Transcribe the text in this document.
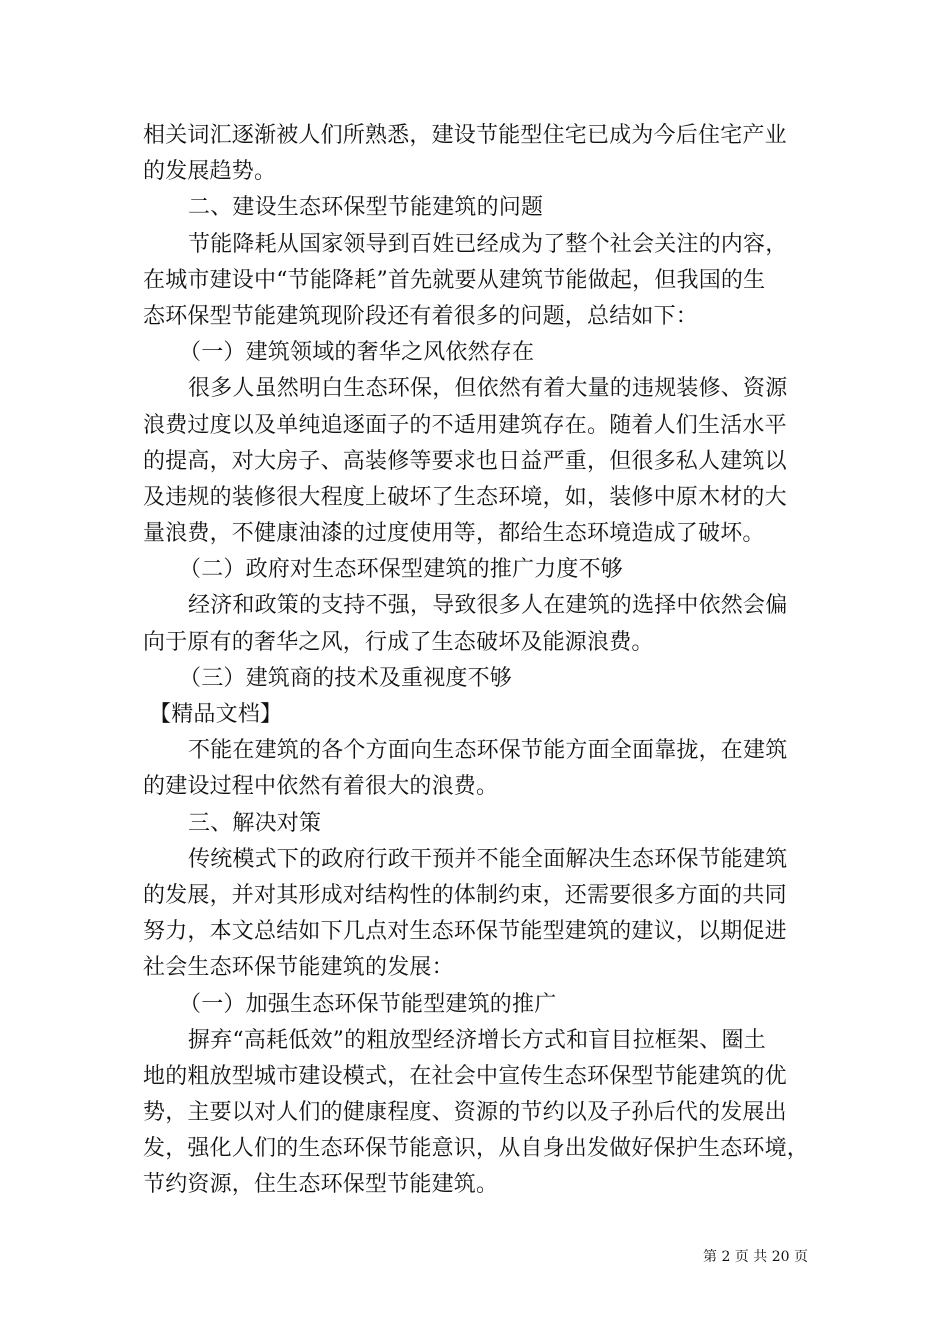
相关词汇逐渐被人们所熟悉，建设节能型住宅已成为今后住宅产业
的发展趋势。
二、建设生态环保型节能建筑的问题
节能降耗从国家领导到百姓已经成为了整个社会关注的内容，
在城市建设中“节能降耗”首先就要从建筑节能做起，但我国的生
态环保型节能建筑现阶段还有着很多的问题，总结如下：
（一）建筑领域的奢华之风依然存在
很多人虽然明白生态环保，但依然有着大量的违规装修、资源
浪费过度以及单纯追逐面子的不适用建筑存在。随着人们生活水平
的提高，对大房子、高装修等要求也日益严重，但很多私人建筑以
及违规的装修很大程度上破坏了生态环境，如，装修中原木材的大
量浪费，不健康油漆的过度使用等，都给生态环境造成了破坏。
（二）政府对生态环保型建筑的推广力度不够
经济和政策的支持不强，导致很多人在建筑的选择中依然会偏
向于原有的奢华之风，行成了生态破坏及能源浪费。
（三）建筑商的技术及重视度不够
【精品文档】
不能在建筑的各个方面向生态环保节能方面全面靠拢，在建筑
的建设过程中依然有着很大的浪费。
三、解决对策
传统模式下的政府行政干预并不能全面解决生态环保节能建筑
的发展，并对其形成对结构性的体制约束，还需要很多方面的共同
努力，本文总结如下几点对生态环保节能型建筑的建议，以期促进
社会生态环保节能建筑的发展：
（一）加强生态环保节能型建筑的推广
摒弃“高耗低效”的粗放型经济增长方式和盲目拉框架、圈土
地的粗放型城市建设模式，在社会中宣传生态环保型节能建筑的优
势，主要以对人们的健康程度、资源的节约以及子孙后代的发展出
发，强化人们的生态环保节能意识，从自身出发做好保护生态环境，
节约资源，住生态环保型节能建筑。
第 2 页 共 20 页
